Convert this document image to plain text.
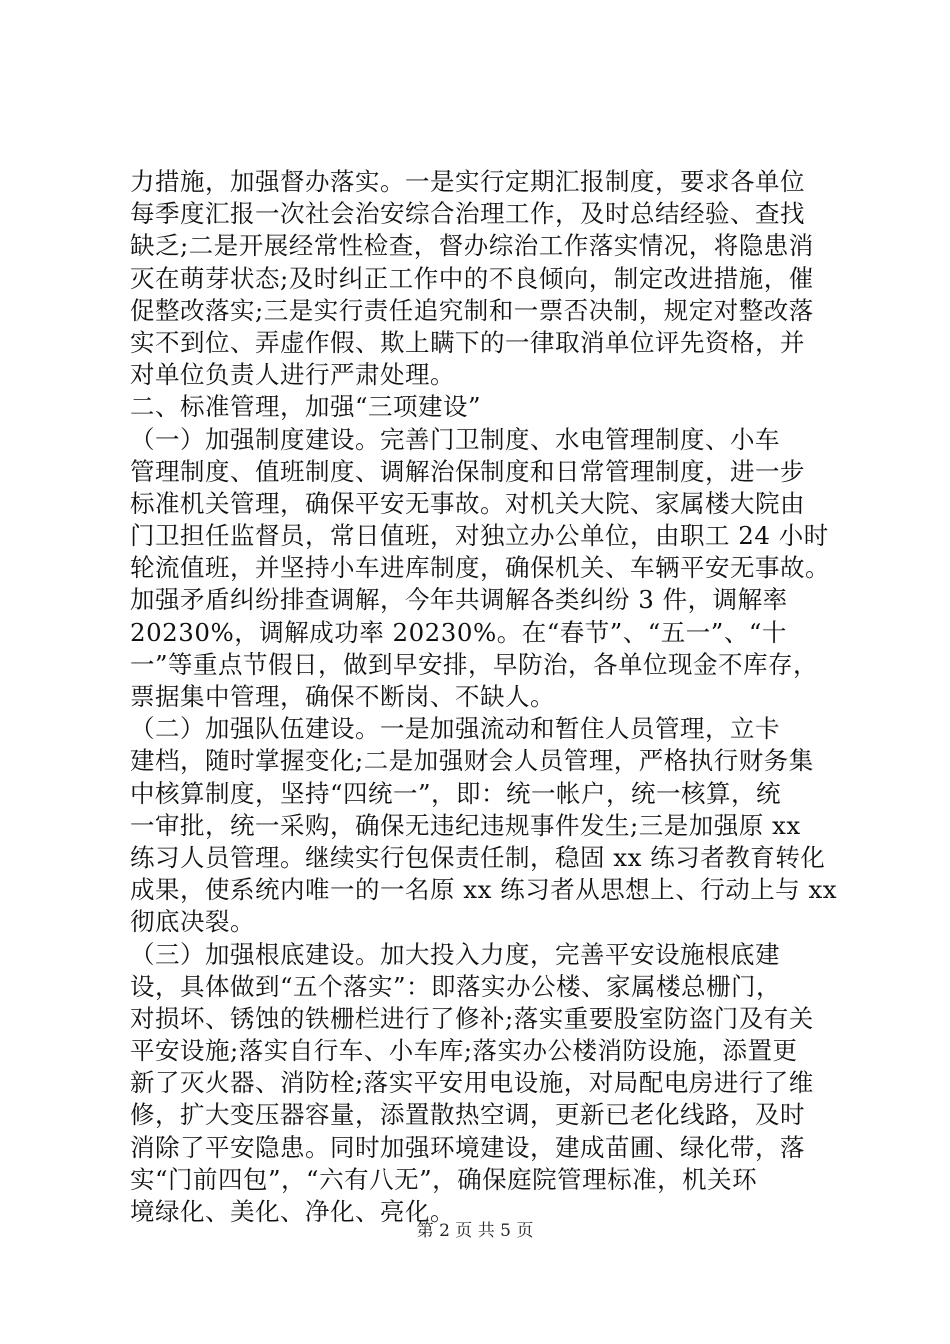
力措施，加强督办落实。一是实行定期汇报制度，要求各单位
每季度汇报一次社会治安综合治理工作，及时总结经验、查找
缺乏;二是开展经常性检查，督办综治工作落实情况，将隐患消
灭在萌芽状态;及时纠正工作中的不良倾向，制定改进措施，催
促整改落实;三是实行责任追究制和一票否决制，规定对整改落
实不到位、弄虚作假、欺上瞒下的一律取消单位评先资格，并
对单位负责人进行严肃处理。
二、标准管理，加强“三项建设”
（一）加强制度建设。完善门卫制度、水电管理制度、小车
管理制度、值班制度、调解治保制度和日常管理制度，进一步
标准机关管理，确保平安无事故。对机关大院、家属楼大院由
门卫担任监督员，常日值班，对独立办公单位，由职工 24 小时
轮流值班，并坚持小车进库制度，确保机关、车辆平安无事故。
加强矛盾纠纷排查调解，今年共调解各类纠纷 3 件，调解率
20230%，调解成功率 20230%。在“春节”、“五一”、“十
一”等重点节假日，做到早安排，早防治，各单位现金不库存，
票据集中管理，确保不断岗、不缺人。
（二）加强队伍建设。一是加强流动和暂住人员管理，立卡
建档，随时掌握变化;二是加强财会人员管理，严格执行财务集
中核算制度，坚持“四统一”，即：统一帐户，统一核算，统
一审批，统一采购，确保无违纪违规事件发生;三是加强原 xx
练习人员管理。继续实行包保责任制，稳固 xx 练习者教育转化
成果，使系统内唯一的一名原 xx 练习者从思想上、行动上与 xx
彻底决裂。
（三）加强根底建设。加大投入力度，完善平安设施根底建
设，具体做到“五个落实”：即落实办公楼、家属楼总栅门，
对损坏、锈蚀的铁栅栏进行了修补;落实重要股室防盗门及有关
平安设施;落实自行车、小车库;落实办公楼消防设施，添置更
新了灭火器、消防栓;落实平安用电设施，对局配电房进行了维
修，扩大变压器容量，添置散热空调，更新已老化线路，及时
消除了平安隐患。同时加强环境建设，建成苗圃、绿化带，落
实“门前四包”，“六有八无”，确保庭院管理标准，机关环
境绿化、美化、净化、亮化。
第 2 页 共 5 页
